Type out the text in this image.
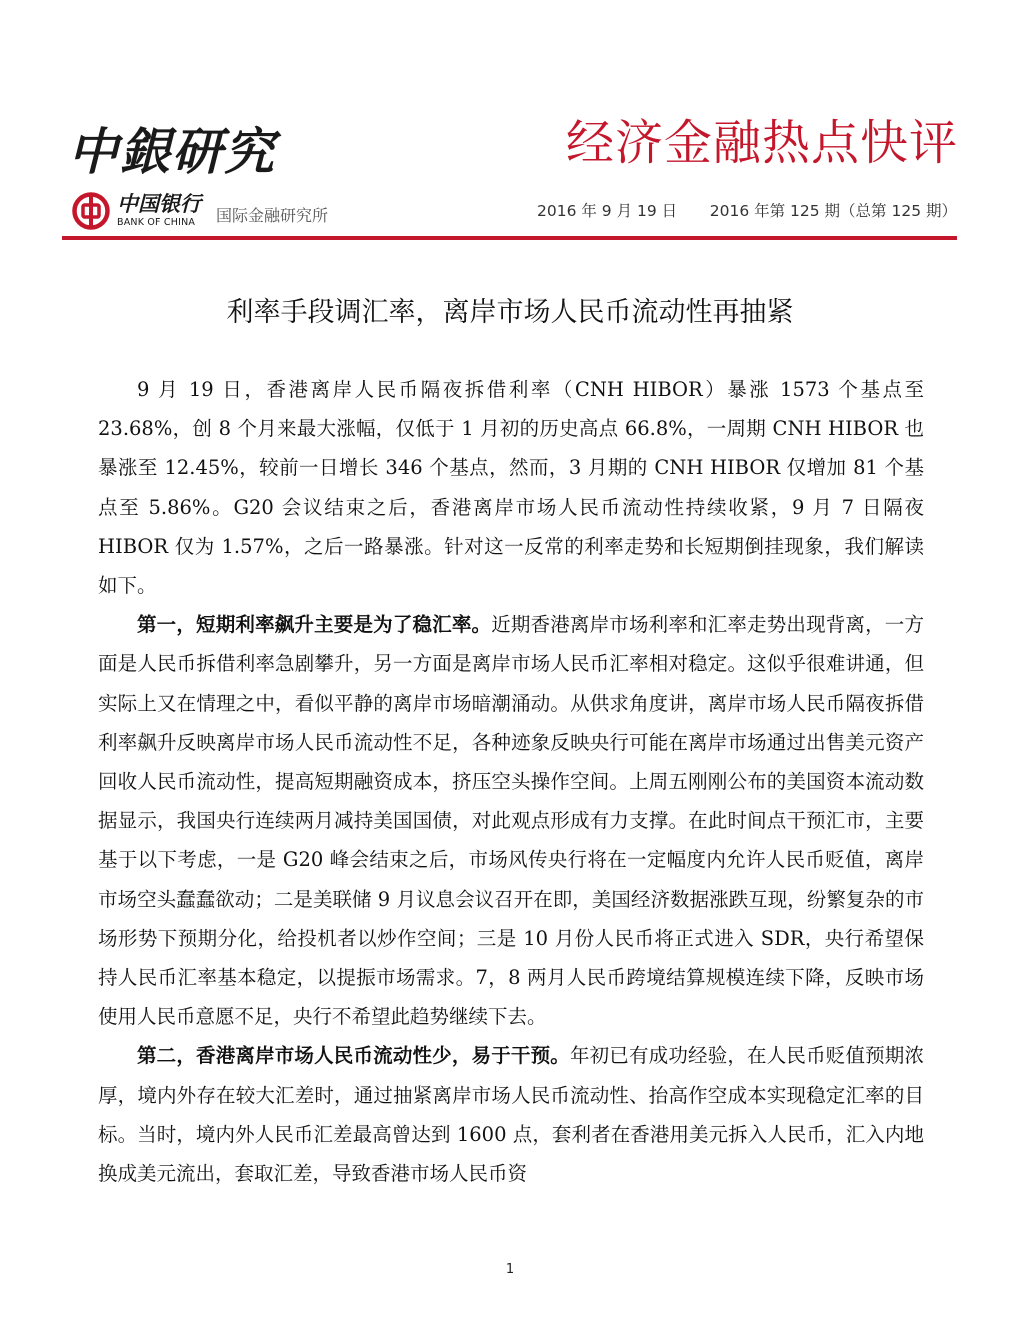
中銀研究	经济金融热点快评
中国银行
BANK OF CHINA 国际金融研究所	2016 年 9 月 19 日 2016 年第 125 期（总第 125 期）
利率手段调汇率，离岸市场人民币流动性再抽紧

9 月 19 日，香港离岸人民币隔夜拆借利率（CNH HIBOR）暴涨 1573 个基点至 23.68%，创 8 个月来最大涨幅，仅低于 1 月初的历史高点 66.8%，一周期 CNH HIBOR 也暴涨至 12.45%，较前一日增长 346 个基点，然而，3 月期的 CNH HIBOR 仅增加 81 个基点至 5.86%。G20 会议结束之后，香港离岸市场人民币流动性持续收紧，9 月 7 日隔夜 HIBOR 仅为 1.57%，之后一路暴涨。针对这一反常的利率走势和长短期倒挂现象，我们解读如下。

第一，短期利率飙升主要是为了稳汇率。近期香港离岸市场利率和汇率走势出现背离，一方面是人民币拆借利率急剧攀升，另一方面是离岸市场人民币汇率相对稳定。这似乎很难讲通，但实际上又在情理之中，看似平静的离岸市场暗潮涌动。从供求角度讲，离岸市场人民币隔夜拆借利率飙升反映离岸市场人民币流动性不足，各种迹象反映央行可能在离岸市场通过出售美元资产回收人民币流动性，提高短期融资成本，挤压空头操作空间。上周五刚刚公布的美国资本流动数据显示，我国央行连续两月减持美国国债，对此观点形成有力支撑。在此时间点干预汇市，主要基于以下考虑，一是 G20 峰会结束之后，市场风传央行将在一定幅度内允许人民币贬值，离岸市场空头蠢蠢欲动；二是美联储 9 月议息会议召开在即，美国经济数据涨跌互现，纷繁复杂的市场形势下预期分化，给投机者以炒作空间；三是 10 月份人民币将正式进入 SDR，央行希望保持人民币汇率基本稳定，以提振市场需求。7，8 两月人民币跨境结算规模连续下降，反映市场使用人民币意愿不足，央行不希望此趋势继续下去。

第二，香港离岸市场人民币流动性少，易于干预。年初已有成功经验，在人民币贬值预期浓厚，境内外存在较大汇差时，通过抽紧离岸市场人民币流动性、抬高作空成本实现稳定汇率的目标。当时，境内外人民币汇差最高曾达到 1600 点，套利者在香港用美元拆入人民币，汇入内地换成美元流出，套取汇差，导致香港市场人民币资

1
